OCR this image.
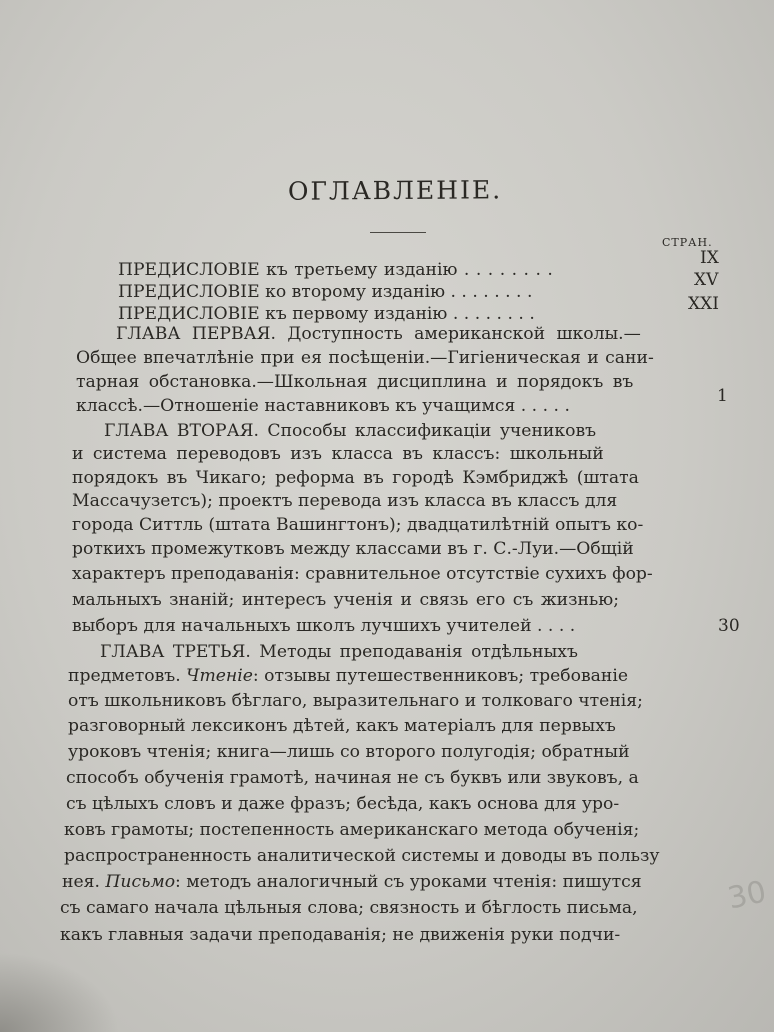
ОГЛАВЛЕНІЕ.
СТРАН.
ПРЕДИСЛОВІЕ къ третьему изданію . . . . . . . .
ПРЕДИСЛОВІЕ ко второму изданію . . . . . . . .
ПРЕДИСЛОВІЕ къ первому изданію . . . . . . . .
ГЛАВА ПЕРВАЯ. Доступность американской школы.—
Общее впечатлѣніе при ея посѣщеніи.—Гигіеническая и сани-
тарная обстановка.—Школьная дисциплина и порядокъ въ
классѣ.—Отношеніе наставниковъ къ учащимся . . . . .
ГЛАВА ВТОРАЯ. Способы классификаціи учениковъ
и система переводовъ изъ класса въ классъ: школьный
порядокъ въ Чикаго; реформа въ городѣ Кэмбриджѣ (штата
Массачузетсъ); проектъ перевода изъ класса въ классъ для
города Ситтль (штата Вашингтонъ); двадцатилѣтній опытъ ко-
роткихъ промежутковъ между классами въ г. С.-Луи.—Общій
характеръ преподаванія: сравнительное отсутствіе сухихъ фор-
мальныхъ знаній; интересъ ученія и связь его съ жизнью;
выборъ для начальныхъ школъ лучшихъ учителей . . . .
ГЛАВА ТРЕТЬЯ. Методы преподаванія отдѣльныхъ
предметовъ. Чтеніе: отзывы путешественниковъ; требованіе
отъ школьниковъ бѣглаго, выразительнаго и толковаго чтенія;
разговорный лексиконъ дѣтей, какъ матеріалъ для первыхъ
уроковъ чтенія; книга—лишь со второго полугодія; обратный
способъ обученія грамотѣ, начиная не съ буквъ или звуковъ, а
съ цѣлыхъ словъ и даже фразъ; бесѣда, какъ основа для уро-
ковъ грамоты; постепенность американскаго метода обученія;
распространенность аналитической системы и доводы въ пользу
нея. Письмо: методъ аналогичный съ уроками чтенія: пишутся
съ самаго начала цѣльныя слова; связность и бѣглость письма,
какъ главныя задачи преподаванія; не движенія руки подчи-
IX
XV
XXI
1
30
30
